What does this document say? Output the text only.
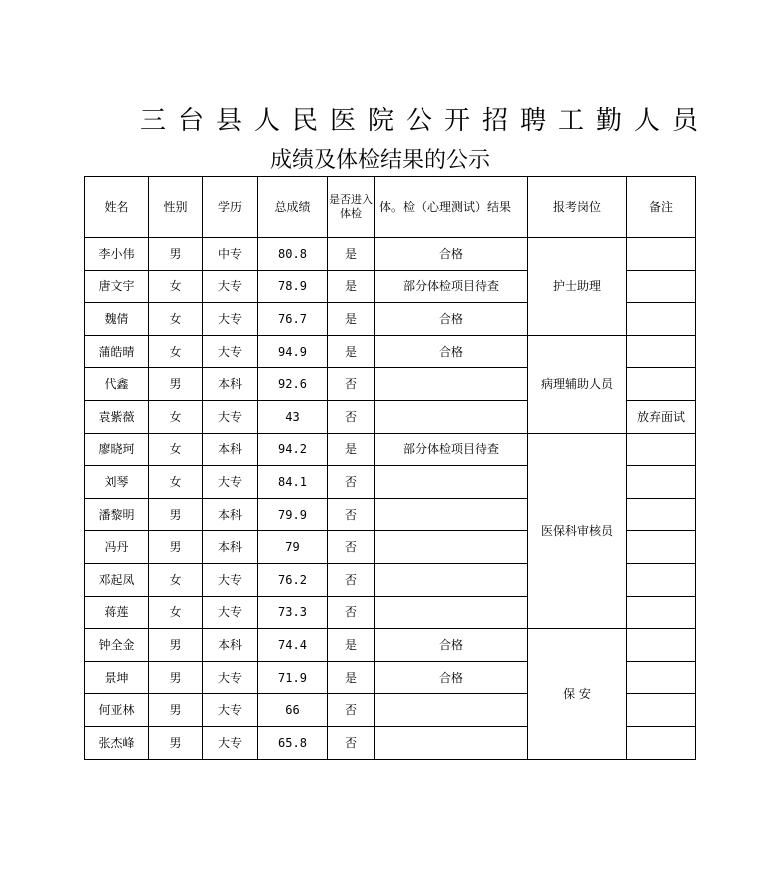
三台县人民医院公开招聘工勤人员
成绩及体检结果的公示
姓名	性别	学历	总成绩	是否进入体检	体。检（心理测试）结果	报考岗位	备注
李小伟	男	中专	80.8	是	合格	护士助理	
唐文宇	女	大专	78.9	是	部分体检项目待查		
魏倩	女	大专	76.7	是	合格		
蒲皓晴	女	大专	94.9	是	合格	病理辅助人员	
代鑫	男	本科	92.6	否			
袁紫薇	女	大专	43	否			放弃面试
廖晓珂	女	本科	94.2	是	部分体检项目待查	医保科审核员	
刘琴	女	大专	84.1	否			
潘黎明	男	本科	79.9	否			
冯丹	男	本科	79	否			
邓起凤	女	大专	76.2	否			
蒋莲	女	大专	73.3	否			
钟全金	男	本科	74.4	是	合格	保 安	
景坤	男	大专	71.9	是	合格		
何亚林	男	大专	66	否			
张杰峰	男	大专	65.8	否			
